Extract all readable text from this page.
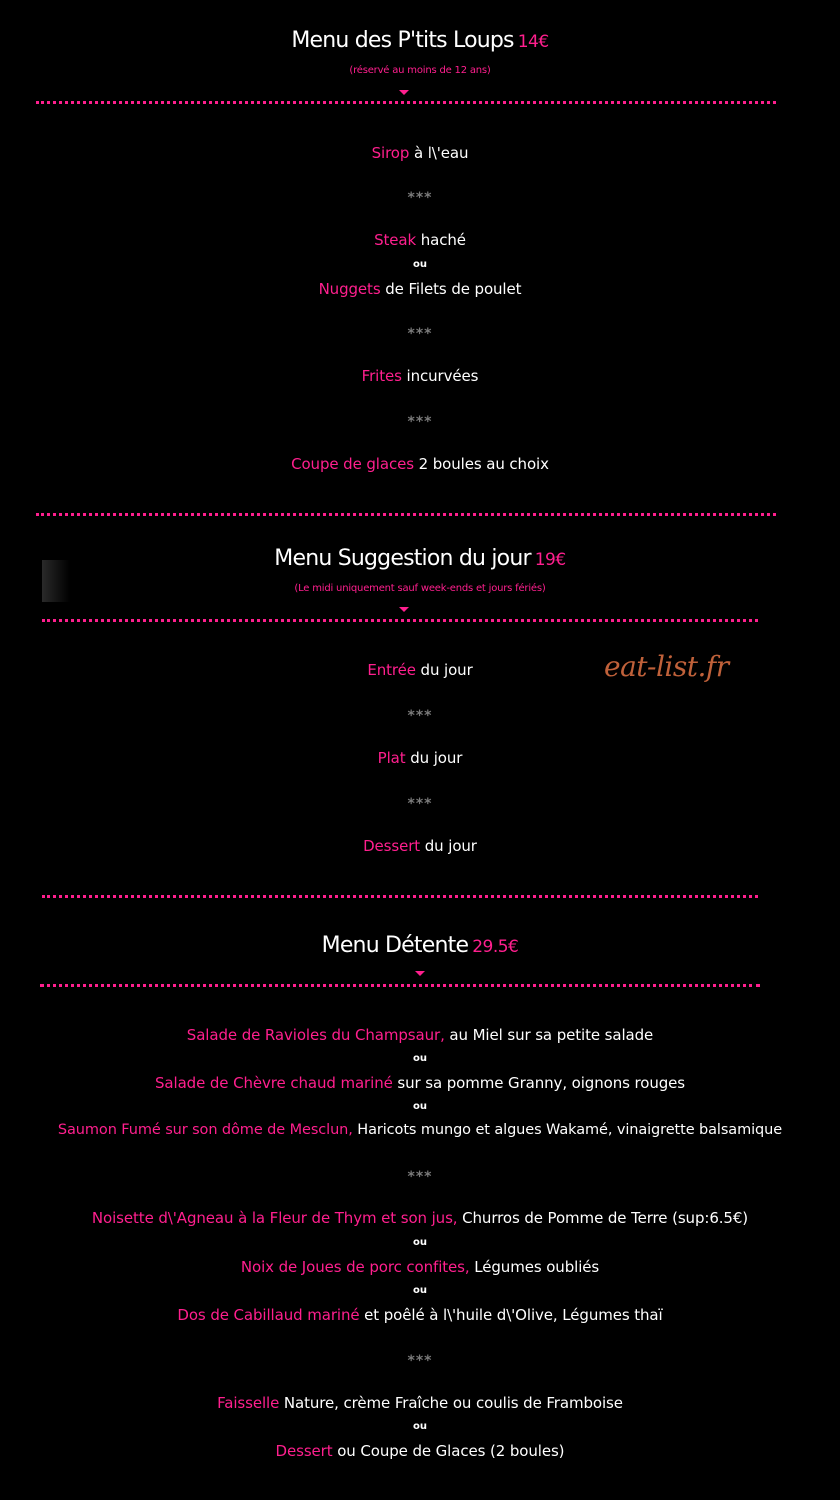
Menu des P'tits Loups 14€
(réservé au moins de 12 ans)
Sirop à l\'eau
***
Steak haché
ou
Nuggets de Filets de poulet
***
Frites incurvées
***
Coupe de glaces 2 boules au choix
Menu Suggestion du jour 19€
(Le midi uniquement sauf week-ends et jours fériés)
eat-list.fr
Entrée du jour
***
Plat du jour
***
Dessert du jour
Menu Détente 29.5€
Salade de Ravioles du Champsaur, au Miel sur sa petite salade
ou
Salade de Chèvre chaud mariné sur sa pomme Granny, oignons rouges
ou
Saumon Fumé sur son dôme de Mesclun, Haricots mungo et algues Wakamé, vinaigrette balsamique
***
Noisette d\'Agneau à la Fleur de Thym et son jus, Churros de Pomme de Terre (sup:6.5€)
ou
Noix de Joues de porc confites, Légumes oubliés
ou
Dos de Cabillaud mariné et poêlé à l\'huile d\'Olive, Légumes thaï
***
Faisselle Nature, crème Fraîche ou coulis de Framboise
ou
Dessert ou Coupe de Glaces (2 boules)
